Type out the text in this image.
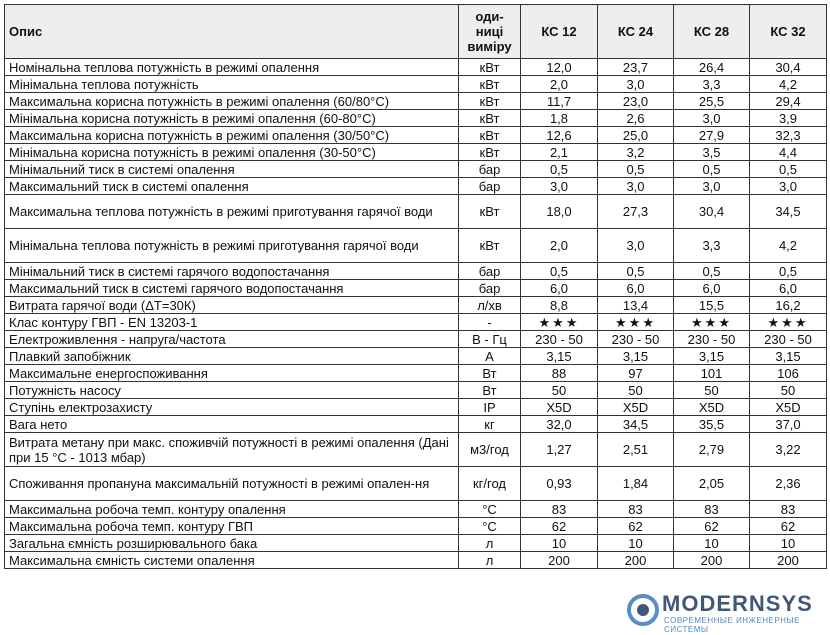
Опис	оди-
ниці
виміру	КС 12	КС 24	КС 28	КС 32
Номінальна теплова потужність в режимі опалення	кВт	12,0	23,7	26,4	30,4
Мінімальна теплова потужність	кВт	2,0	3,0	3,3	4,2
Максимальна корисна потужність в режимі опалення (60/80°С)	кВт	11,7	23,0	25,5	29,4
Мінімальна корисна потужність в режимі опалення (60-80°С)	кВт	1,8	2,6	3,0	3,9
Максимальна корисна потужність в режимі опалення (30/50°С)	кВт	12,6	25,0	27,9	32,3
Мінімальна корисна потужність в режимі опалення (30-50°С)	кВт	2,1	3,2	3,5	4,4
Мінімальний тиск в системі опалення	бар	0,5	0,5	0,5	0,5
Максимальний тиск в системі опалення	бар	3,0	3,0	3,0	3,0
Максимальна теплова потужність в режимі приготування гарячої води	кВт	18,0	27,3	30,4	34,5
Мінімальна теплова потужність в режимі приготування гарячої води	кВт	2,0	3,0	3,3	4,2
Мінімальний тиск в системі гарячого водопостачання	бар	0,5	0,5	0,5	0,5
Максимальний тиск в системі гарячого водопостачання	бар	6,0	6,0	6,0	6,0
Витрата гарячої води (ΔТ=30К)	л/хв	8,8	13,4	15,5	16,2
Клас контуру ГВП - EN 13203-1	-	★★★	★★★	★★★	★★★
Електроживлення - напруга/частота	В - Гц	230 - 50	230 - 50	230 - 50	230 - 50
Плавкий запобіжник	А	3,15	3,15	3,15	3,15
Максимальне енергоспоживання	Вт	88	97	101	106
Потужність насосу	Вт	50	50	50	50
Ступінь електрозахисту	IP	X5D	X5D	X5D	X5D
Вага нето	кг	32,0	34,5	35,5	37,0
Витрата метану при макс. споживчій потужності в режимі опалення (Дані при 15 °С - 1013 мбар)	м3/год	1,27	2,51	2,79	3,22
Споживання пропануна максимальній потужності в режимі опален-ня	кг/год	0,93	1,84	2,05	2,36
Максимальна робоча темп. контуру опалення	°С	83	83	83	83
Максимальна робоча темп. контуру ГВП	°С	62	62	62	62
Загальна ємність розширювального бака	л	10	10	10	10
Максимальна ємність системи опалення	л	200	200	200	200
MODERNSYS
СОВРЕМЕННЫЕ ИНЖЕНЕРНЫЕ СИСТЕМЫ
